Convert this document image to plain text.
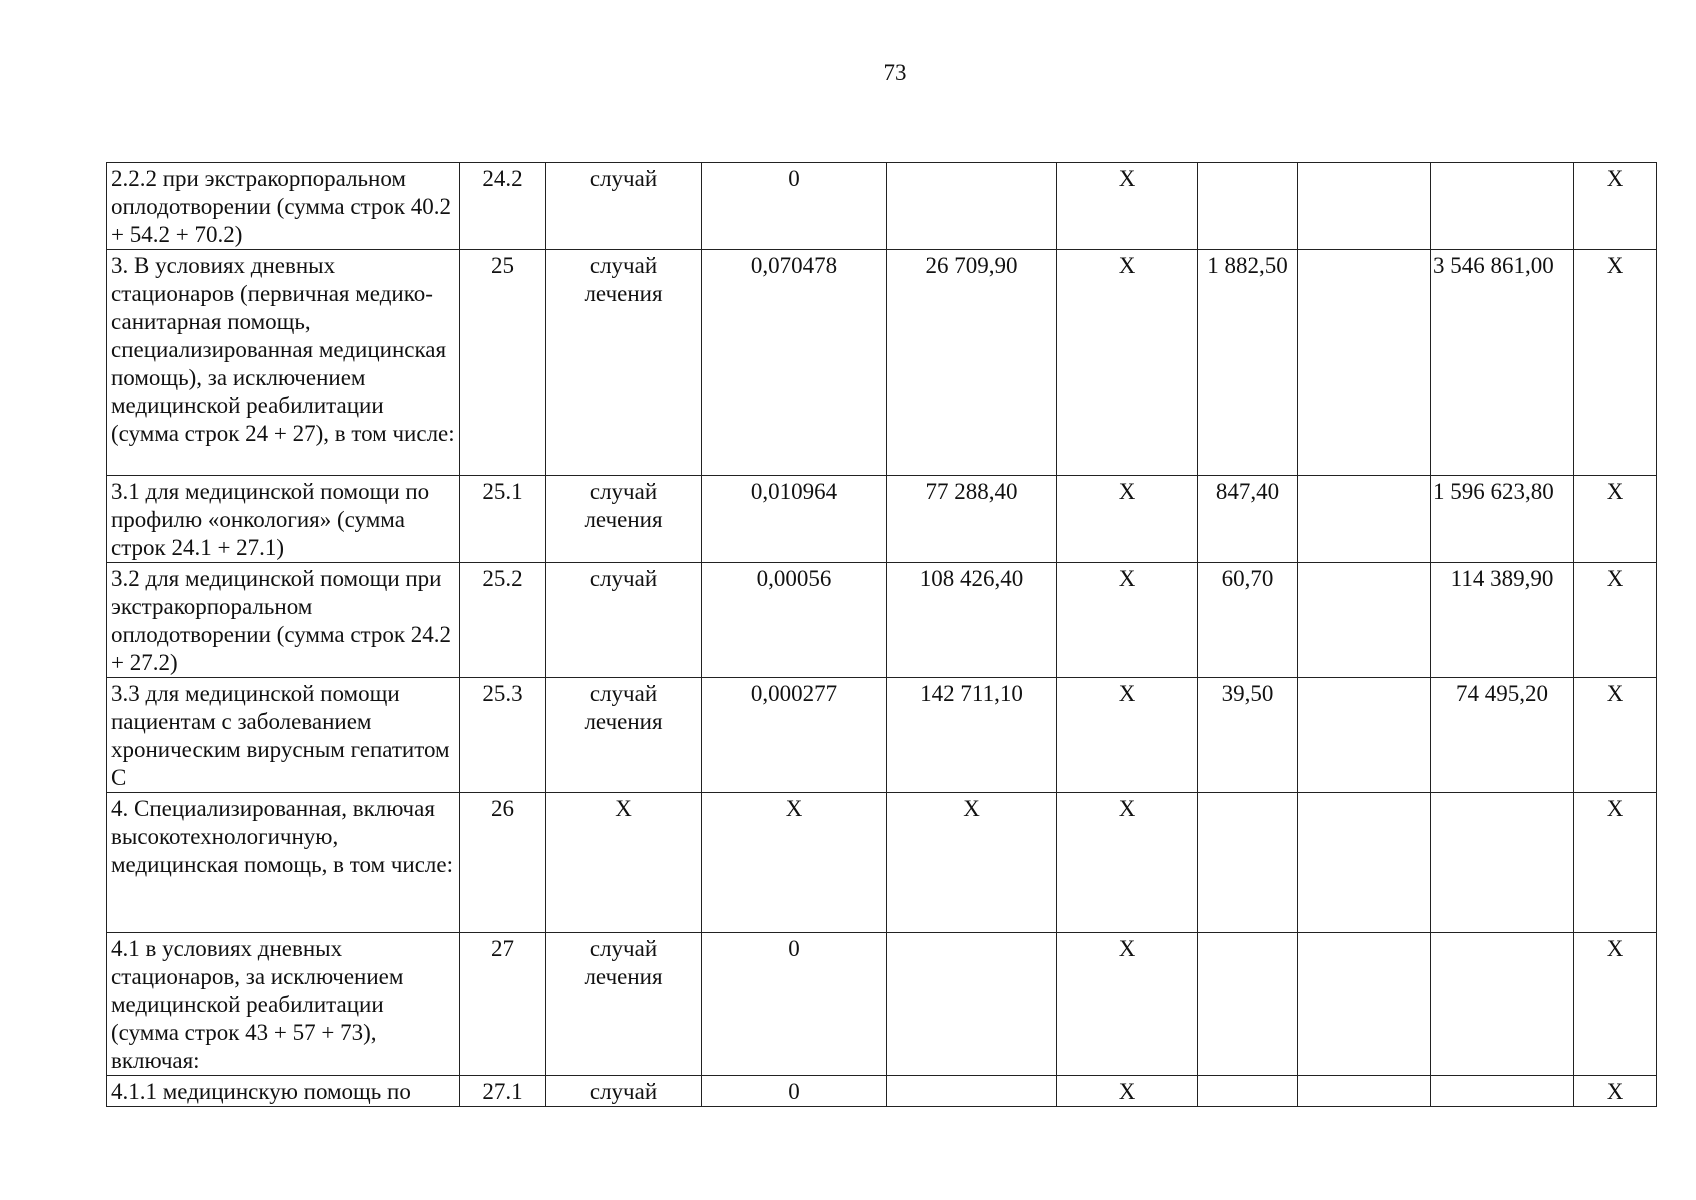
73
2.2.2 при экстракорпоральном оплодотворении (сумма строк 40.2 + 54.2 + 70.2)	24.2	случай	0		X				X
3. В условиях дневных стационаров (первичная медико-санитарная помощь, специализированная медицинская помощь), за исключением медицинской реабилитации (сумма строк 24 + 27), в том числе:	25	случай лечения	0,070478	26 709,90	X	1 882,50		3 546 861,00	X
3.1 для медицинской помощи по профилю «онкология» (сумма строк 24.1 + 27.1)	25.1	случай лечения	0,010964	77 288,40	X	847,40		1 596 623,80	X
3.2 для медицинской помощи при экстракорпоральном оплодотворении (сумма строк 24.2 + 27.2)	25.2	случай	0,00056	108 426,40	X	60,70		114 389,90	X
3.3 для медицинской помощи пациентам с заболеванием хроническим вирусным гепатитом С	25.3	случай лечения	0,000277	142 711,10	X	39,50		74 495,20	X
4. Специализированная, включая высокотехнологичную, медицинская помощь, в том числе:	26	X	X	X	X				X
4.1 в условиях дневных стационаров, за исключением медицинской реабилитации (сумма строк 43 + 57 + 73), включая:	27	случай лечения	0		X				X
4.1.1 медицинскую помощь по	27.1	случай	0		X				X
